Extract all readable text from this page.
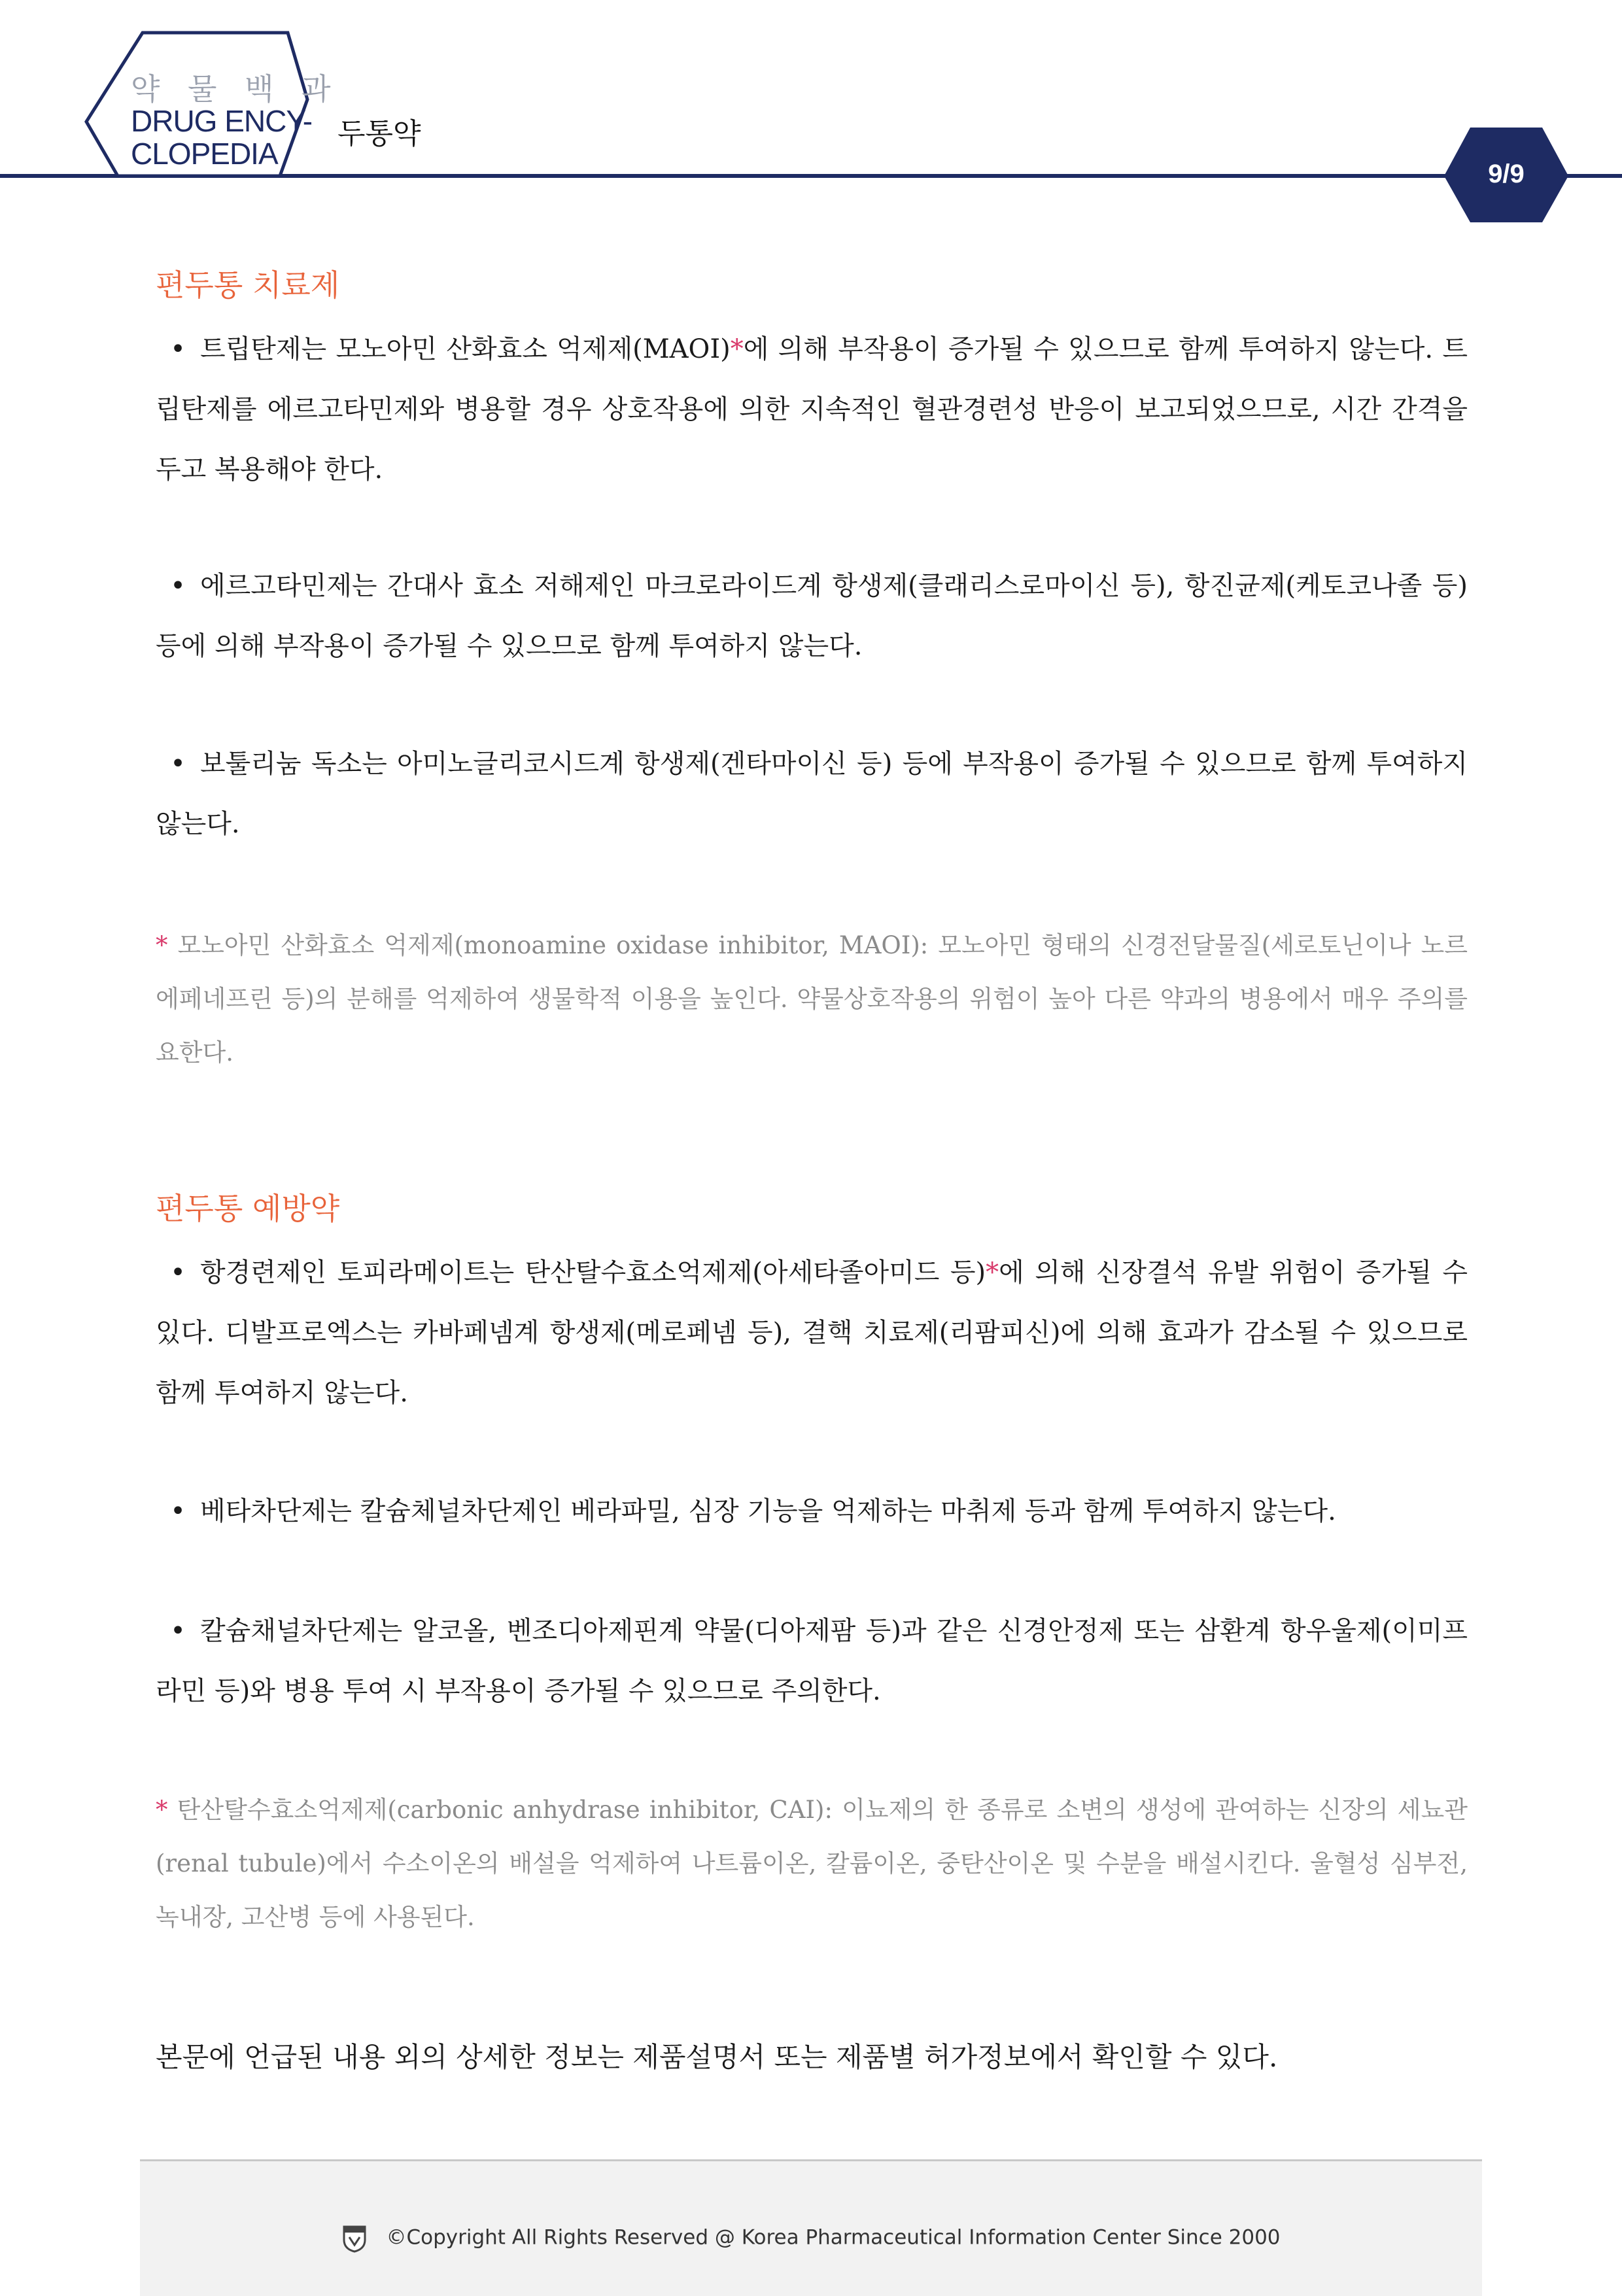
약 물 백 과
DRUG ENCY-
CLOPEDIA
두통약
9/9
편두통 치료제

• 트립탄제는 모노아민 산화효소 억제제(MAOI)*에 의해 부작용이 증가될 수 있으므로 함께 투여하지 않는다. 트립탄제를 에르고타민제와 병용할 경우 상호작용에 의한 지속적인 혈관경련성 반응이 보고되었으므로, 시간 간격을 두고 복용해야 한다.

• 에르고타민제는 간대사 효소 저해제인 마크로라이드계 항생제(클래리스로마이신 등), 항진균제(케토코나졸 등) 등에 의해 부작용이 증가될 수 있으므로 함께 투여하지 않는다.

• 보툴리눔 독소는 아미노글리코시드계 항생제(겐타마이신 등) 등에 부작용이 증가될 수 있으므로 함께 투여하지 않는다.

* 모노아민 산화효소 억제제(monoamine oxidase inhibitor, MAOI): 모노아민 형태의 신경전달물질(세로토닌이나 노르에페네프린 등)의 분해를 억제하여 생물학적 이용을 높인다. 약물상호작용의 위험이 높아 다른 약과의 병용에서 매우 주의를 요한다.

편두통 예방약

• 항경련제인 토피라메이트는 탄산탈수효소억제제(아세타졸아미드 등)*에 의해 신장결석 유발 위험이 증가될 수 있다. 디발프로엑스는 카바페넴계 항생제(메로페넴 등), 결핵 치료제(리팜피신)에 의해 효과가 감소될 수 있으므로 함께 투여하지 않는다.

• 베타차단제는 칼슘체널차단제인 베라파밀, 심장 기능을 억제하는 마취제 등과 함께 투여하지 않는다.

• 칼슘채널차단제는 알코올, 벤조디아제핀계 약물(디아제팜 등)과 같은 신경안정제 또는 삼환계 항우울제(이미프라민 등)와 병용 투여 시 부작용이 증가될 수 있으므로 주의한다.

* 탄산탈수효소억제제(carbonic anhydrase inhibitor, CAI): 이뇨제의 한 종류로 소변의 생성에 관여하는 신장의 세뇨관(renal tubule)에서 수소이온의 배설을 억제하여 나트륨이온, 칼륨이온, 중탄산이온 및 수분을 배설시킨다. 울혈성 심부전, 녹내장, 고산병 등에 사용된다.

본문에 언급된 내용 외의 상세한 정보는 제품설명서 또는 제품별 허가정보에서 확인할 수 있다.

©Copyright All Rights Reserved @ Korea Pharmaceutical Information Center Since 2000
